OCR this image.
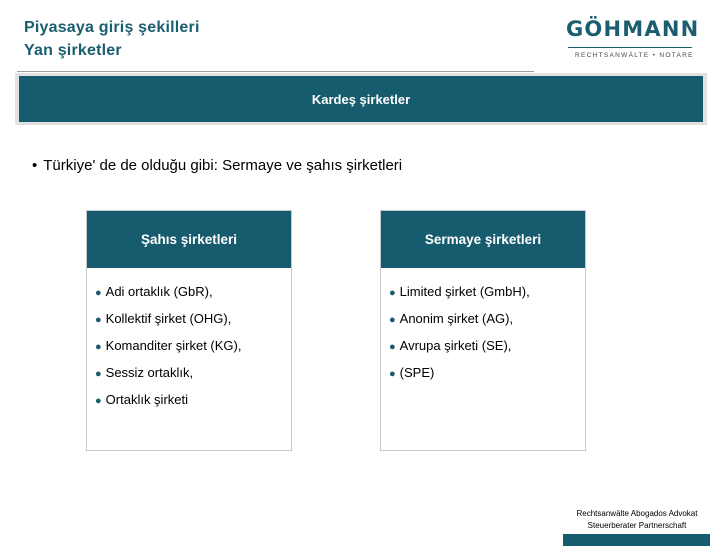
Piyasaya giriş şekilleri
Yan şirketler
GÖHMANN
RECHTSANWÄLTE • NOTARE
Kardeş şirketler
• Türkiye' de de olduğu gibi: Sermaye ve şahıs şirketleri
Şahıs şirketleri
● Adi ortaklık (GbR),
● Kollektif şirket (OHG),
● Komanditer şirket (KG),
● Sessiz ortaklık,
● Ortaklık şirketi
Sermaye şirketleri
● Limited şirket (GmbH),
● Anonim şirket (AG),
● Avrupa şirketi (SE),
● (SPE)
Rechtsanwälte Abogados Advokat
Steuerberater Partnerschaft
